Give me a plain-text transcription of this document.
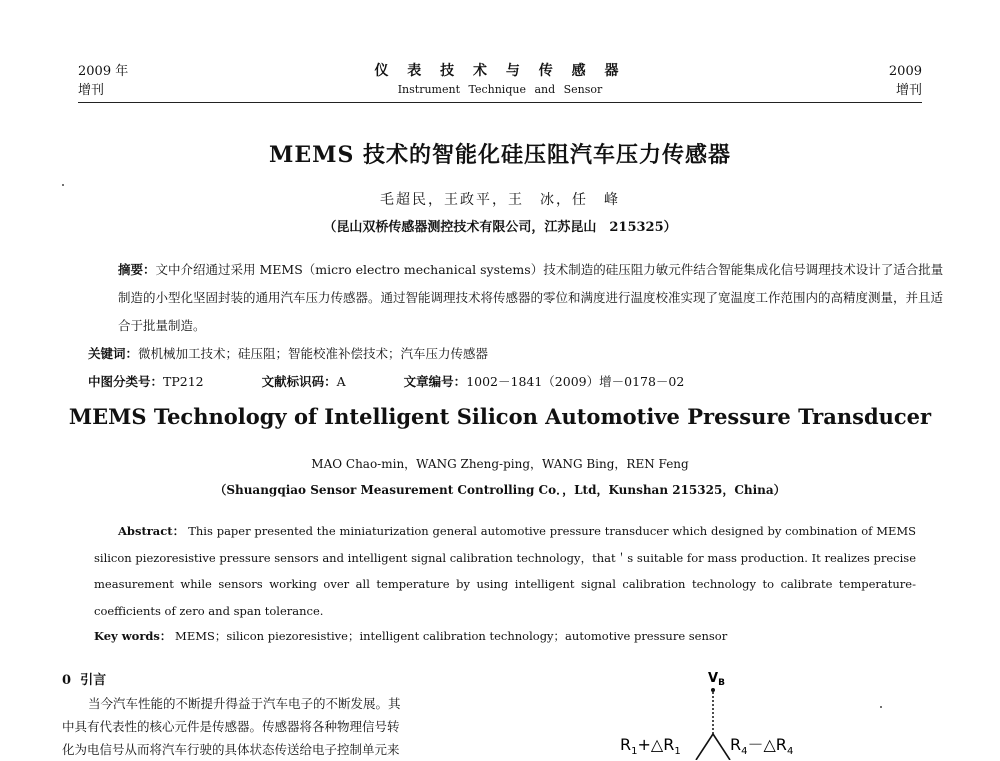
2009 年
增刊
仪 表 技 术 与 传 感 器
Instrument Technique and Sensor
2009
增刊
MEMS 技术的智能化硅压阻汽车压力传感器
毛超民，王政平，王　冰，任　峰
（昆山双桥传感器测控技术有限公司，江苏昆山　215325）
摘要：文中介绍通过采用 MEMS（micro electro mechanical systems）技术制造的硅压阻力敏元件结合智能集成化信号调理技术设计了适合批量制造的小型化坚固封装的通用汽车压力传感器。通过智能调理技术将传感器的零位和满度进行温度校准实现了宽温度工作范围内的高精度测量，并且适合于批量制造。
关键词：微机械加工技术；硅压阻；智能校准补偿技术；汽车压力传感器
中图分类号：TP212	文献标识码：A	文章编号：1002－1841（2009）增－0178－02
MEMS Technology of Intelligent Silicon Automotive Pressure Transducer
MAO Chao-min，WANG Zheng-ping，WANG Bing，REN Feng
（Shuangqiao Sensor Measurement Controlling Co．，Ltd，Kunshan 215325，China）

Abstract： This paper presented the miniaturization general automotive pressure transducer which designed by combination of MEMS silicon piezoresistive pressure sensors and intelligent signal calibration technology，that＇s suitable for mass production. It realizes precise measurement while sensors working over all temperature by using intelligent signal calibration technology to calibrate temperature-coefficients of zero and span tolerance.

Key words： MEMS；silicon piezoresistive；intelligent calibration technology；automotive pressure sensor
0 引言

当今汽车性能的不断提升得益于汽车电子的不断发展。其

中具有代表性的核心元件是传感器。传感器将各种物理信号转
化为电信号从而将汽车行驶的具体状态传送给电子控制单元来
$V_B$
$R_1+\triangle R_1$	$R_4-\triangle R_4$
